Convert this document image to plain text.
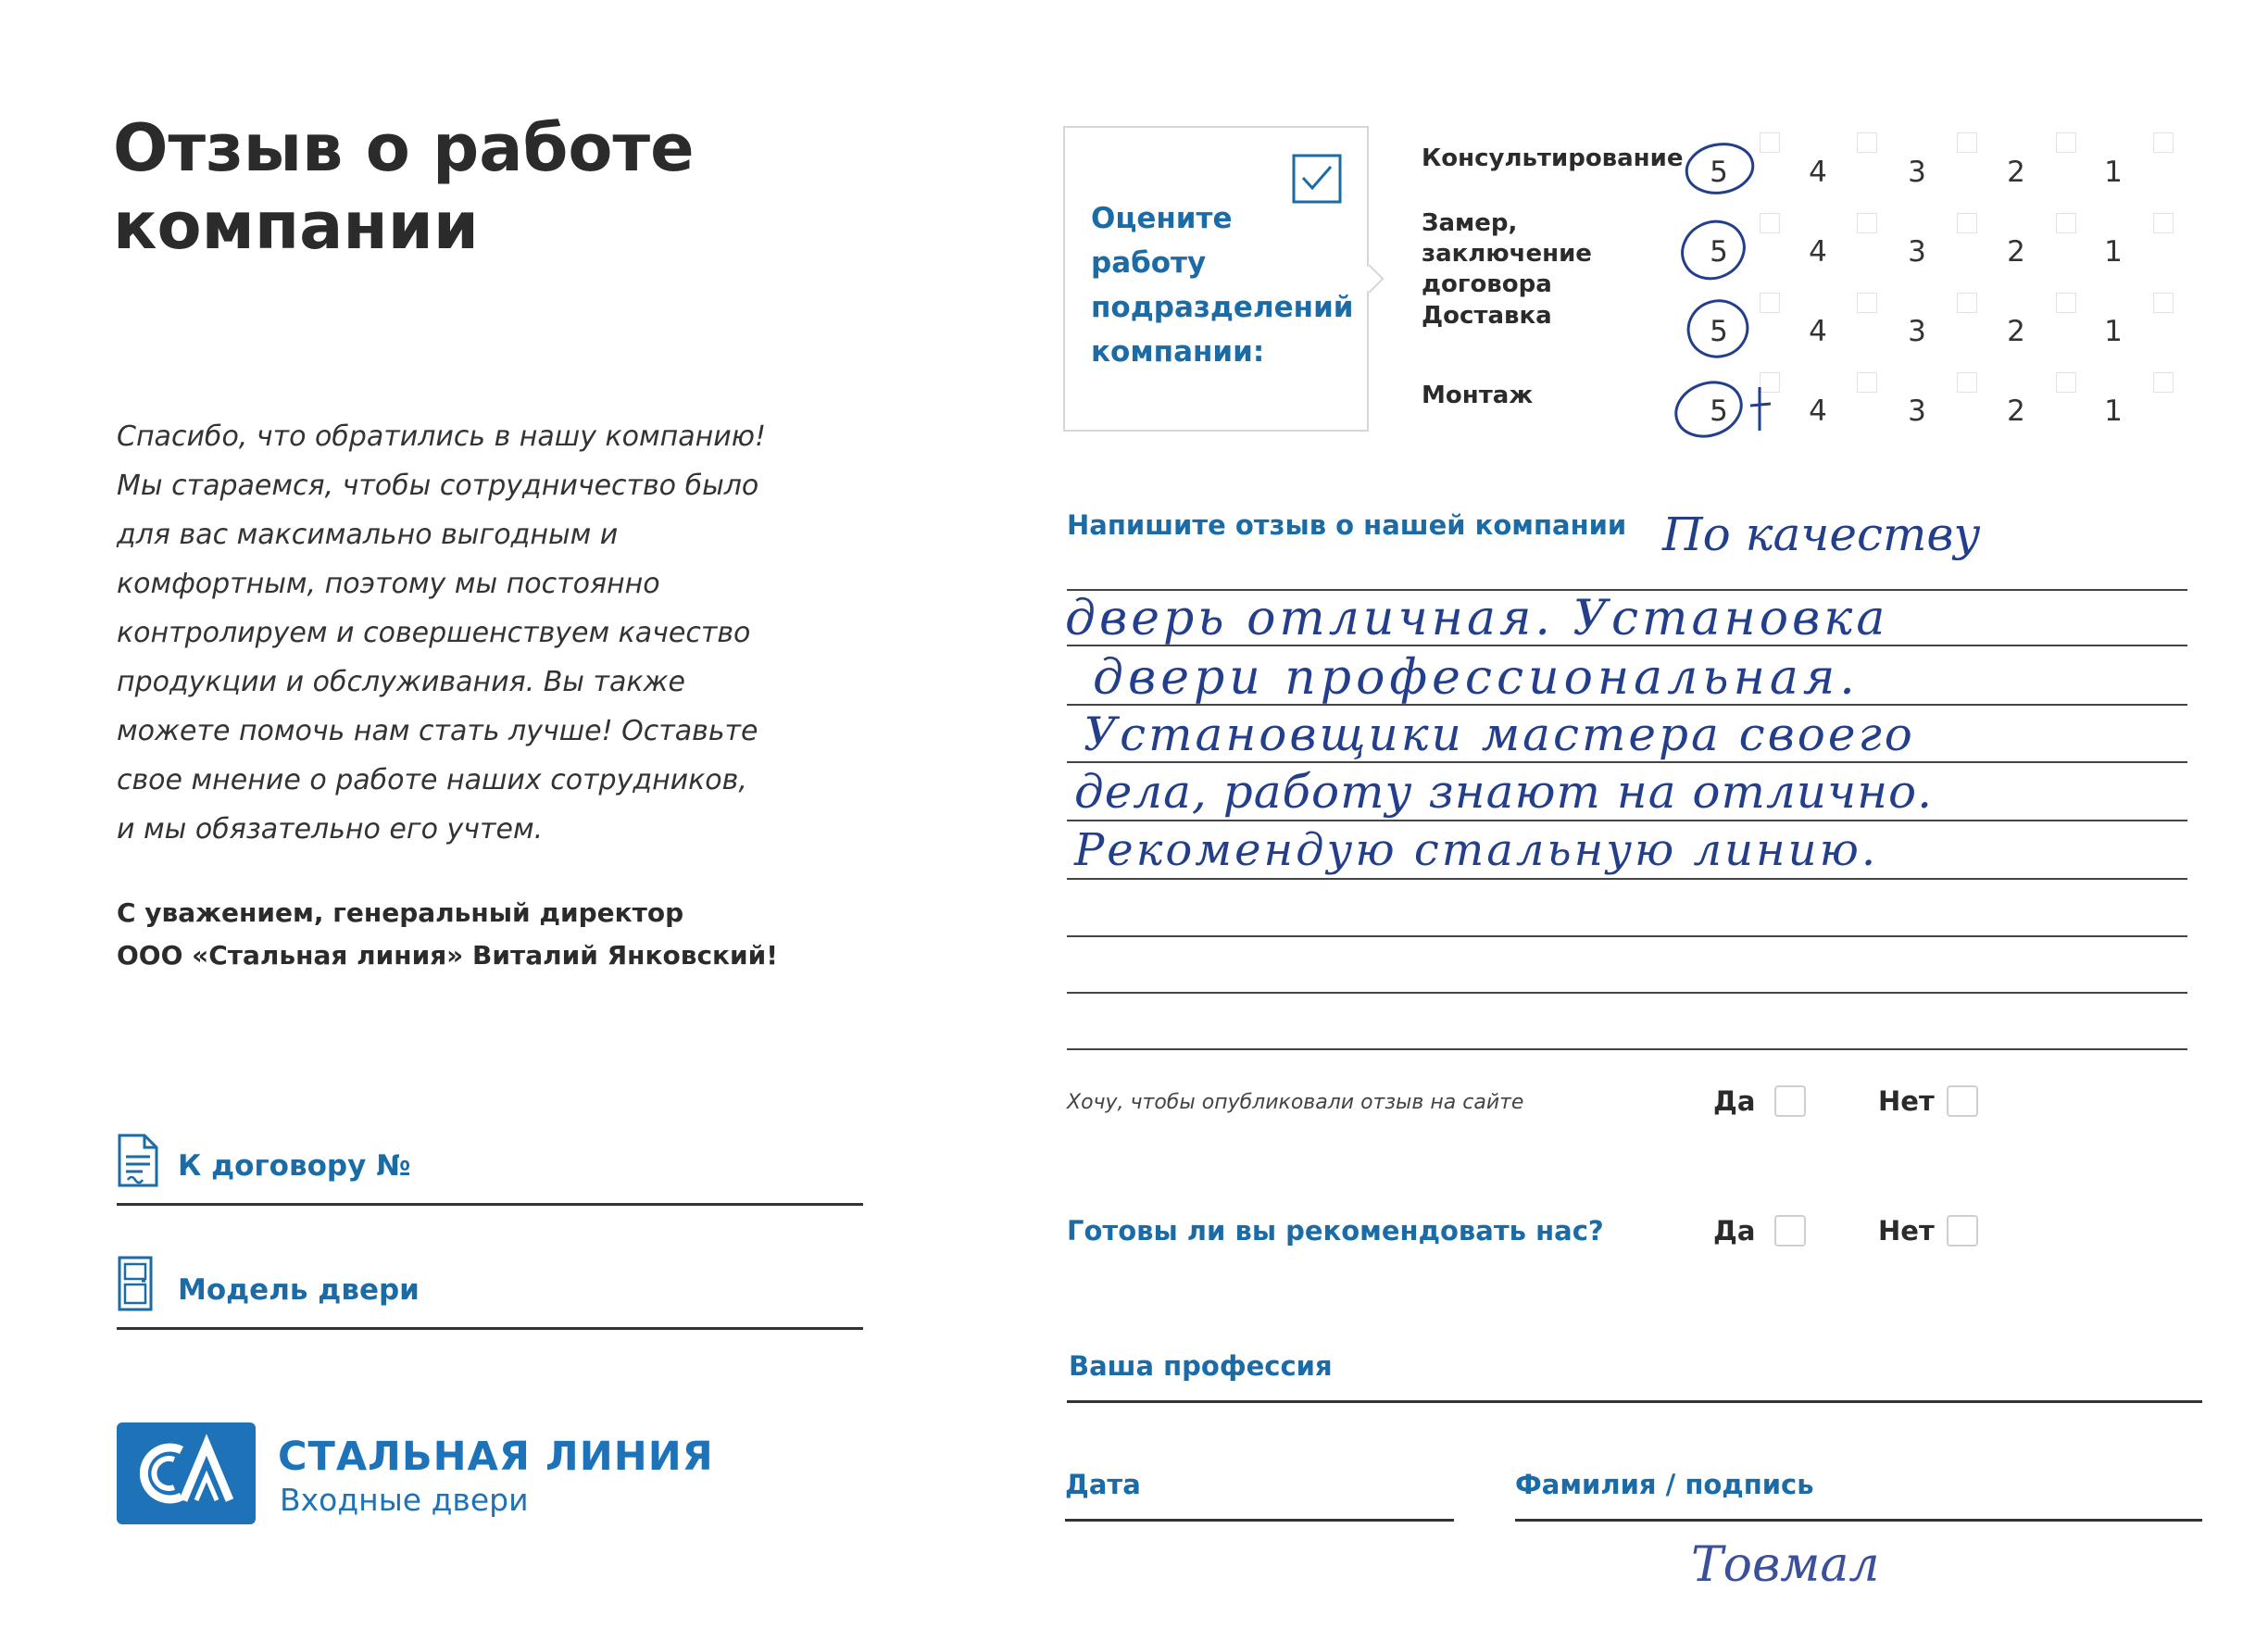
Отзыв о работе
компании

Спасибо, что обратились в нашу компанию!

Мы стараемся, чтобы сотрудничество было

для вас максимально выгодным и

комфортным, поэтому мы постоянно

контролируем и совершенствуем качество

продукции и обслуживания. Вы также

можете помочь нам стать лучше! Оставьте

свое мнение о работе наших сотрудников,

и мы обязательно его учтем.

С уважением, генеральный директор
ООО «Стальная линия» Виталий Янковский!
К договору №
Модель двери
СТАЛЬНАЯ ЛИНИЯ
Входные двери
Оцените
работу
подразделений
компании:
Консультирование 5	4	3	2	1
Замер, заключение
договора
5	4	3	2	1
Доставка	5	4	3	2	1
Монтаж	5	4	3	2	1
Напишите отзыв о нашей компании По качеству
дверь отличная. Установка
двери профессиональная.
Установщики мастера своего
дела, работу знают на отлично.
Рекомендую стальную линию.
Хочу, чтобы опубликовали отзыв на сайте	Да	Нет
Готовы ли вы рекомендовать нас?	Да	Нет
Ваша профессия
Дата	Фамилия / подпись
Товмал
